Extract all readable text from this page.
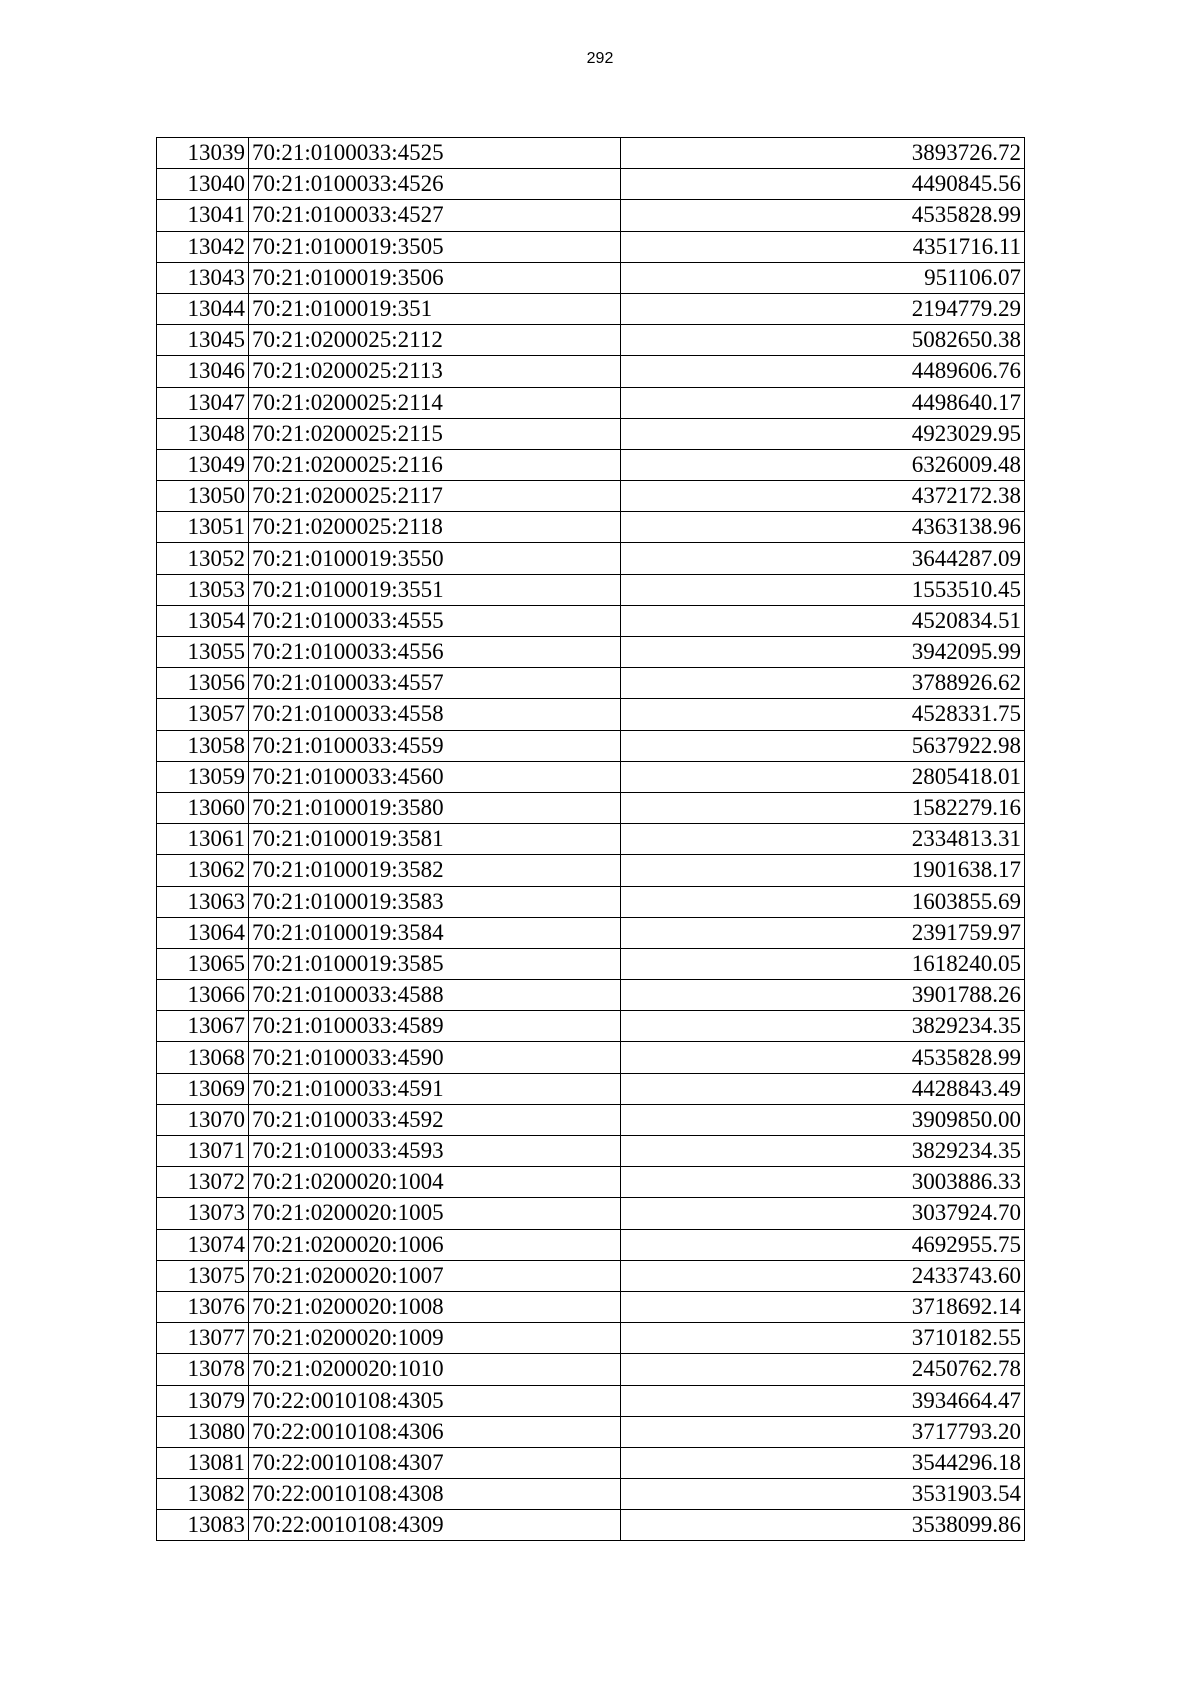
292
13039	70:21:0100033:4525	3893726.72
13040	70:21:0100033:4526	4490845.56
13041	70:21:0100033:4527	4535828.99
13042	70:21:0100019:3505	4351716.11
13043	70:21:0100019:3506	951106.07
13044	70:21:0100019:351	2194779.29
13045	70:21:0200025:2112	5082650.38
13046	70:21:0200025:2113	4489606.76
13047	70:21:0200025:2114	4498640.17
13048	70:21:0200025:2115	4923029.95
13049	70:21:0200025:2116	6326009.48
13050	70:21:0200025:2117	4372172.38
13051	70:21:0200025:2118	4363138.96
13052	70:21:0100019:3550	3644287.09
13053	70:21:0100019:3551	1553510.45
13054	70:21:0100033:4555	4520834.51
13055	70:21:0100033:4556	3942095.99
13056	70:21:0100033:4557	3788926.62
13057	70:21:0100033:4558	4528331.75
13058	70:21:0100033:4559	5637922.98
13059	70:21:0100033:4560	2805418.01
13060	70:21:0100019:3580	1582279.16
13061	70:21:0100019:3581	2334813.31
13062	70:21:0100019:3582	1901638.17
13063	70:21:0100019:3583	1603855.69
13064	70:21:0100019:3584	2391759.97
13065	70:21:0100019:3585	1618240.05
13066	70:21:0100033:4588	3901788.26
13067	70:21:0100033:4589	3829234.35
13068	70:21:0100033:4590	4535828.99
13069	70:21:0100033:4591	4428843.49
13070	70:21:0100033:4592	3909850.00
13071	70:21:0100033:4593	3829234.35
13072	70:21:0200020:1004	3003886.33
13073	70:21:0200020:1005	3037924.70
13074	70:21:0200020:1006	4692955.75
13075	70:21:0200020:1007	2433743.60
13076	70:21:0200020:1008	3718692.14
13077	70:21:0200020:1009	3710182.55
13078	70:21:0200020:1010	2450762.78
13079	70:22:0010108:4305	3934664.47
13080	70:22:0010108:4306	3717793.20
13081	70:22:0010108:4307	3544296.18
13082	70:22:0010108:4308	3531903.54
13083	70:22:0010108:4309	3538099.86
